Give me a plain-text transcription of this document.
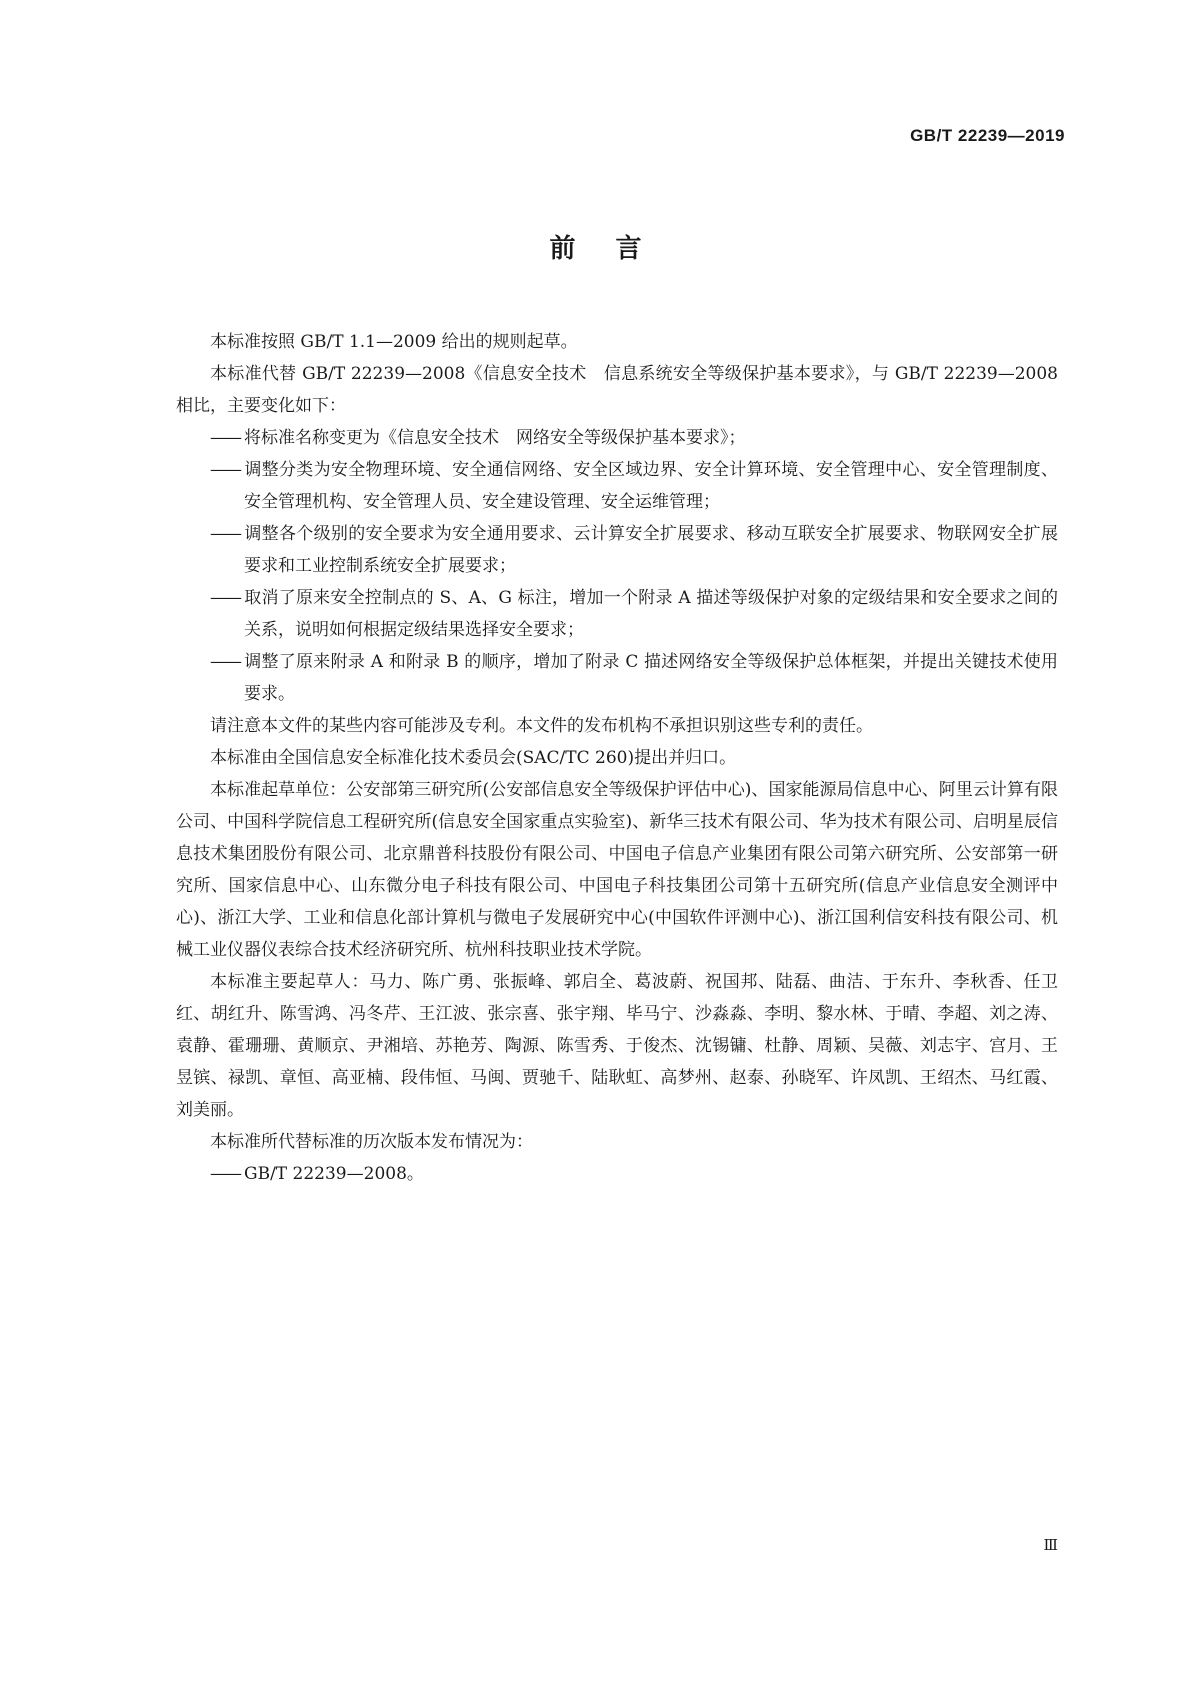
GB/T 22239—2019
前言

本标准按照 GB/T 1.1—2009 给出的规则起草。

本标准代替 GB/T 22239—2008《信息安全技术　信息系统安全等级保护基本要求》，与 GB/T 22239—2008 相比，主要变化如下：

—— 将标准名称变更为《信息安全技术　网络安全等级保护基本要求》；
—— 调整分类为安全物理环境、安全通信网络、安全区域边界、安全计算环境、安全管理中心、安全管理制度、安全管理机构、安全管理人员、安全建设管理、安全运维管理；
—— 调整各个级别的安全要求为安全通用要求、云计算安全扩展要求、移动互联安全扩展要求、物联网安全扩展要求和工业控制系统安全扩展要求；
—— 取消了原来安全控制点的 S、A、G 标注，增加一个附录 A 描述等级保护对象的定级结果和安全要求之间的关系，说明如何根据定级结果选择安全要求；
—— 调整了原来附录 A 和附录 B 的顺序，增加了附录 C 描述网络安全等级保护总体框架，并提出关键技术使用要求。

请注意本文件的某些内容可能涉及专利。本文件的发布机构不承担识别这些专利的责任。

本标准由全国信息安全标准化技术委员会(SAC/TC 260)提出并归口。

本标准起草单位：公安部第三研究所(公安部信息安全等级保护评估中心)、国家能源局信息中心、阿里云计算有限公司、中国科学院信息工程研究所(信息安全国家重点实验室)、新华三技术有限公司、华为技术有限公司、启明星辰信息技术集团股份有限公司、北京鼎普科技股份有限公司、中国电子信息产业集团有限公司第六研究所、公安部第一研究所、国家信息中心、山东微分电子科技有限公司、中国电子科技集团公司第十五研究所(信息产业信息安全测评中心)、浙江大学、工业和信息化部计算机与微电子发展研究中心(中国软件评测中心)、浙江国利信安科技有限公司、机械工业仪器仪表综合技术经济研究所、杭州科技职业技术学院。

本标准主要起草人：马力、陈广勇、张振峰、郭启全、葛波蔚、祝国邦、陆磊、曲洁、于东升、李秋香、任卫红、胡红升、陈雪鸿、冯冬芹、王江波、张宗喜、张宇翔、毕马宁、沙淼淼、李明、黎水林、于晴、李超、刘之涛、袁静、霍珊珊、黄顺京、尹湘培、苏艳芳、陶源、陈雪秀、于俊杰、沈锡镛、杜静、周颖、吴薇、刘志宇、宫月、王昱镔、禄凯、章恒、高亚楠、段伟恒、马闽、贾驰千、陆耿虹、高梦州、赵泰、孙晓军、许凤凯、王绍杰、马红霞、刘美丽。

本标准所代替标准的历次版本发布情况为：

—— GB/T 22239—2008。
Ⅲ
